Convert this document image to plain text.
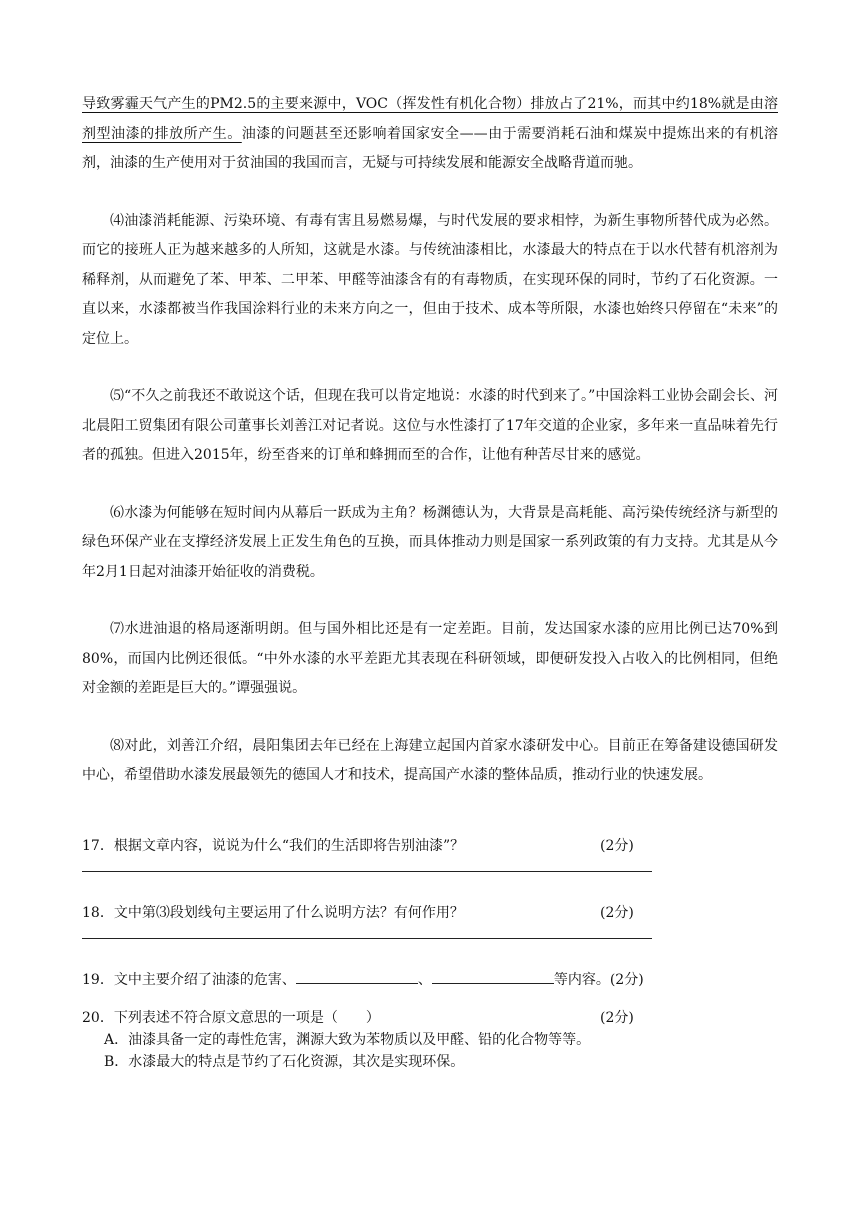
导致雾霾天气产生的PM2.5的主要来源中，VOC（挥发性有机化合物）排放占了21%，而其中约18%就是由溶剂型油漆的排放所产生。油漆的问题甚至还影响着国家安全——由于需要消耗石油和煤炭中提炼出来的有机溶剂，油漆的生产使用对于贫油国的我国而言，无疑与可持续发展和能源安全战略背道而驰。

⑷油漆消耗能源、污染环境、有毒有害且易燃易爆，与时代发展的要求相悖，为新生事物所替代成为必然。而它的接班人正为越来越多的人所知，这就是水漆。与传统油漆相比，水漆最大的特点在于以水代替有机溶剂为稀释剂，从而避免了苯、甲苯、二甲苯、甲醛等油漆含有的有毒物质，在实现环保的同时，节约了石化资源。一直以来，水漆都被当作我国涂料行业的未来方向之一，但由于技术、成本等所限，水漆也始终只停留在“未来”的定位上。

⑸“不久之前我还不敢说这个话，但现在我可以肯定地说：水漆的时代到来了。”中国涂料工业协会副会长、河北晨阳工贸集团有限公司董事长刘善江对记者说。这位与水性漆打了17年交道的企业家，多年来一直品味着先行者的孤独。但进入2015年，纷至沓来的订单和蜂拥而至的合作，让他有种苦尽甘来的感觉。

⑹水漆为何能够在短时间内从幕后一跃成为主角？杨渊德认为，大背景是高耗能、高污染传统经济与新型的绿色环保产业在支撑经济发展上正发生角色的互换，而具体推动力则是国家一系列政策的有力支持。尤其是从今年2月1日起对油漆开始征收的消费税。

⑺水进油退的格局逐渐明朗。但与国外相比还是有一定差距。目前，发达国家水漆的应用比例已达70%到80%，而国内比例还很低。“中外水漆的水平差距尤其表现在科研领域，即便研发投入占收入的比例相同，但绝对金额的差距是巨大的。”谭强强说。

⑻对此，刘善江介绍，晨阳集团去年已经在上海建立起国内首家水漆研发中心。目前正在筹备建设德国研发中心，希望借助水漆发展最领先的德国人才和技术，提高国产水漆的整体品质，推动行业的快速发展。

17．根据文章内容，说说为什么“我们的生活即将告别油漆”？	(2分)
18．文中第⑶段划线句主要运用了什么说明方法？有何作用？	(2分)
19．文中主要介绍了油漆的危害、	、	等内容。(2分)
20．下列表述不符合原文意思的一项是（　　）	(2分)
A．油漆具备一定的毒性危害，渊源大致为苯物质以及甲醛、铅的化合物等等。
B．水漆最大的特点是节约了石化资源，其次是实现环保。
